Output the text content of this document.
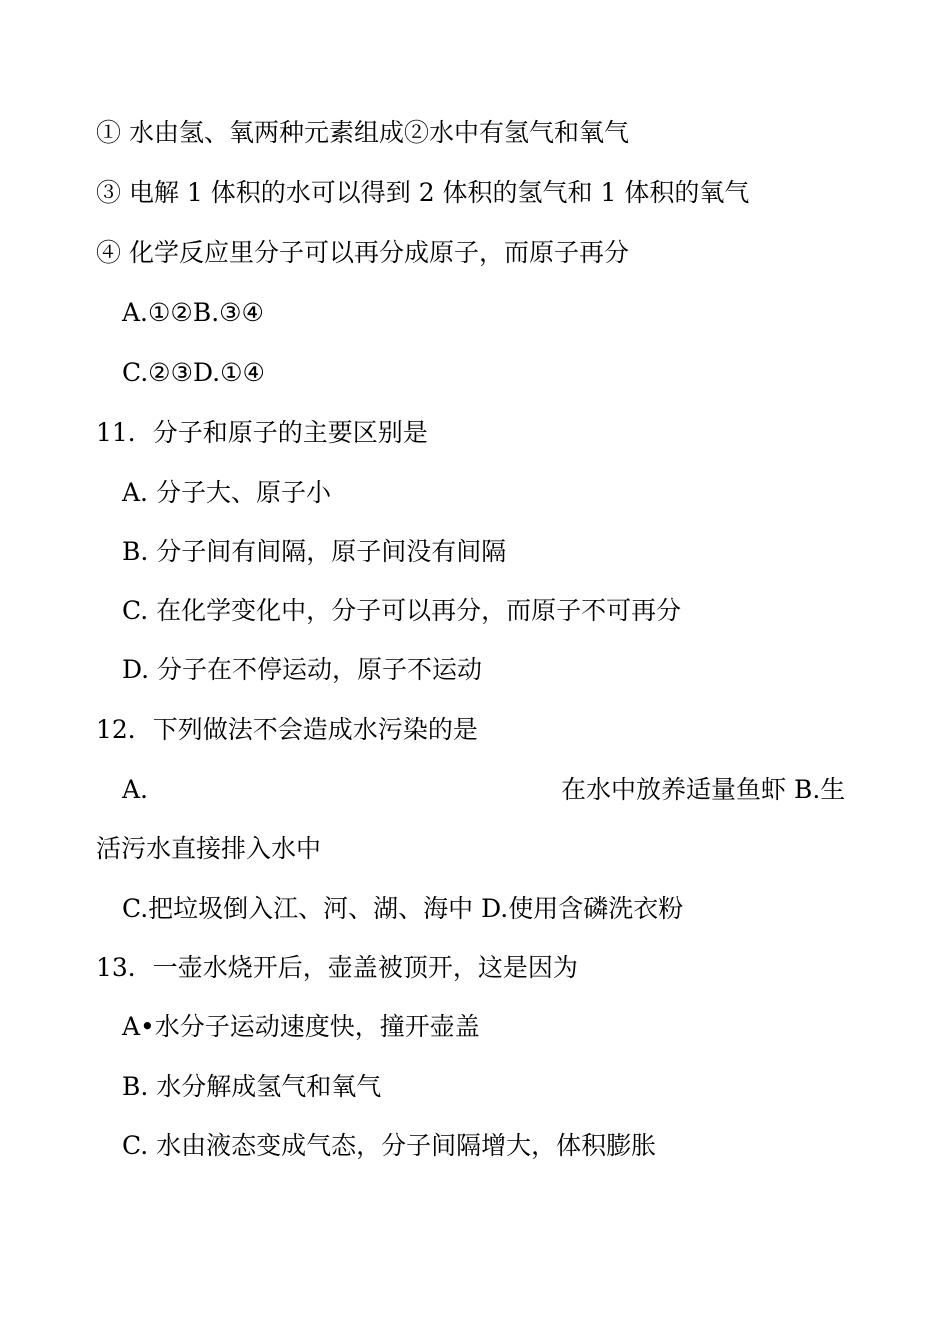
① 水由氢、氧两种元素组成②水中有氢气和氧气
③ 电解 1 体积的水可以得到 2 体积的氢气和 1 体积的氧气
④ 化学反应里分子可以再分成原子，而原子再分
A.①②B.③④
C.②③D.①④
11．分子和原子的主要区别是
A. 分子大、原子小
B. 分子间有间隔，原子间没有间隔
C. 在化学变化中，分子可以再分，而原子不可再分
D. 分子在不停运动，原子不运动
12．下列做法不会造成水污染的是
A.	在水中放养适量鱼虾 B.生
活污水直接排入水中
C.把垃圾倒入江、河、湖、海中 D.使用含磷洗衣粉
13．一壶水烧开后，壶盖被顶开，这是因为
A•水分子运动速度快，撞开壶盖
B. 水分解成氢气和氧气
C. 水由液态变成气态，分子间隔增大，体积膨胀
